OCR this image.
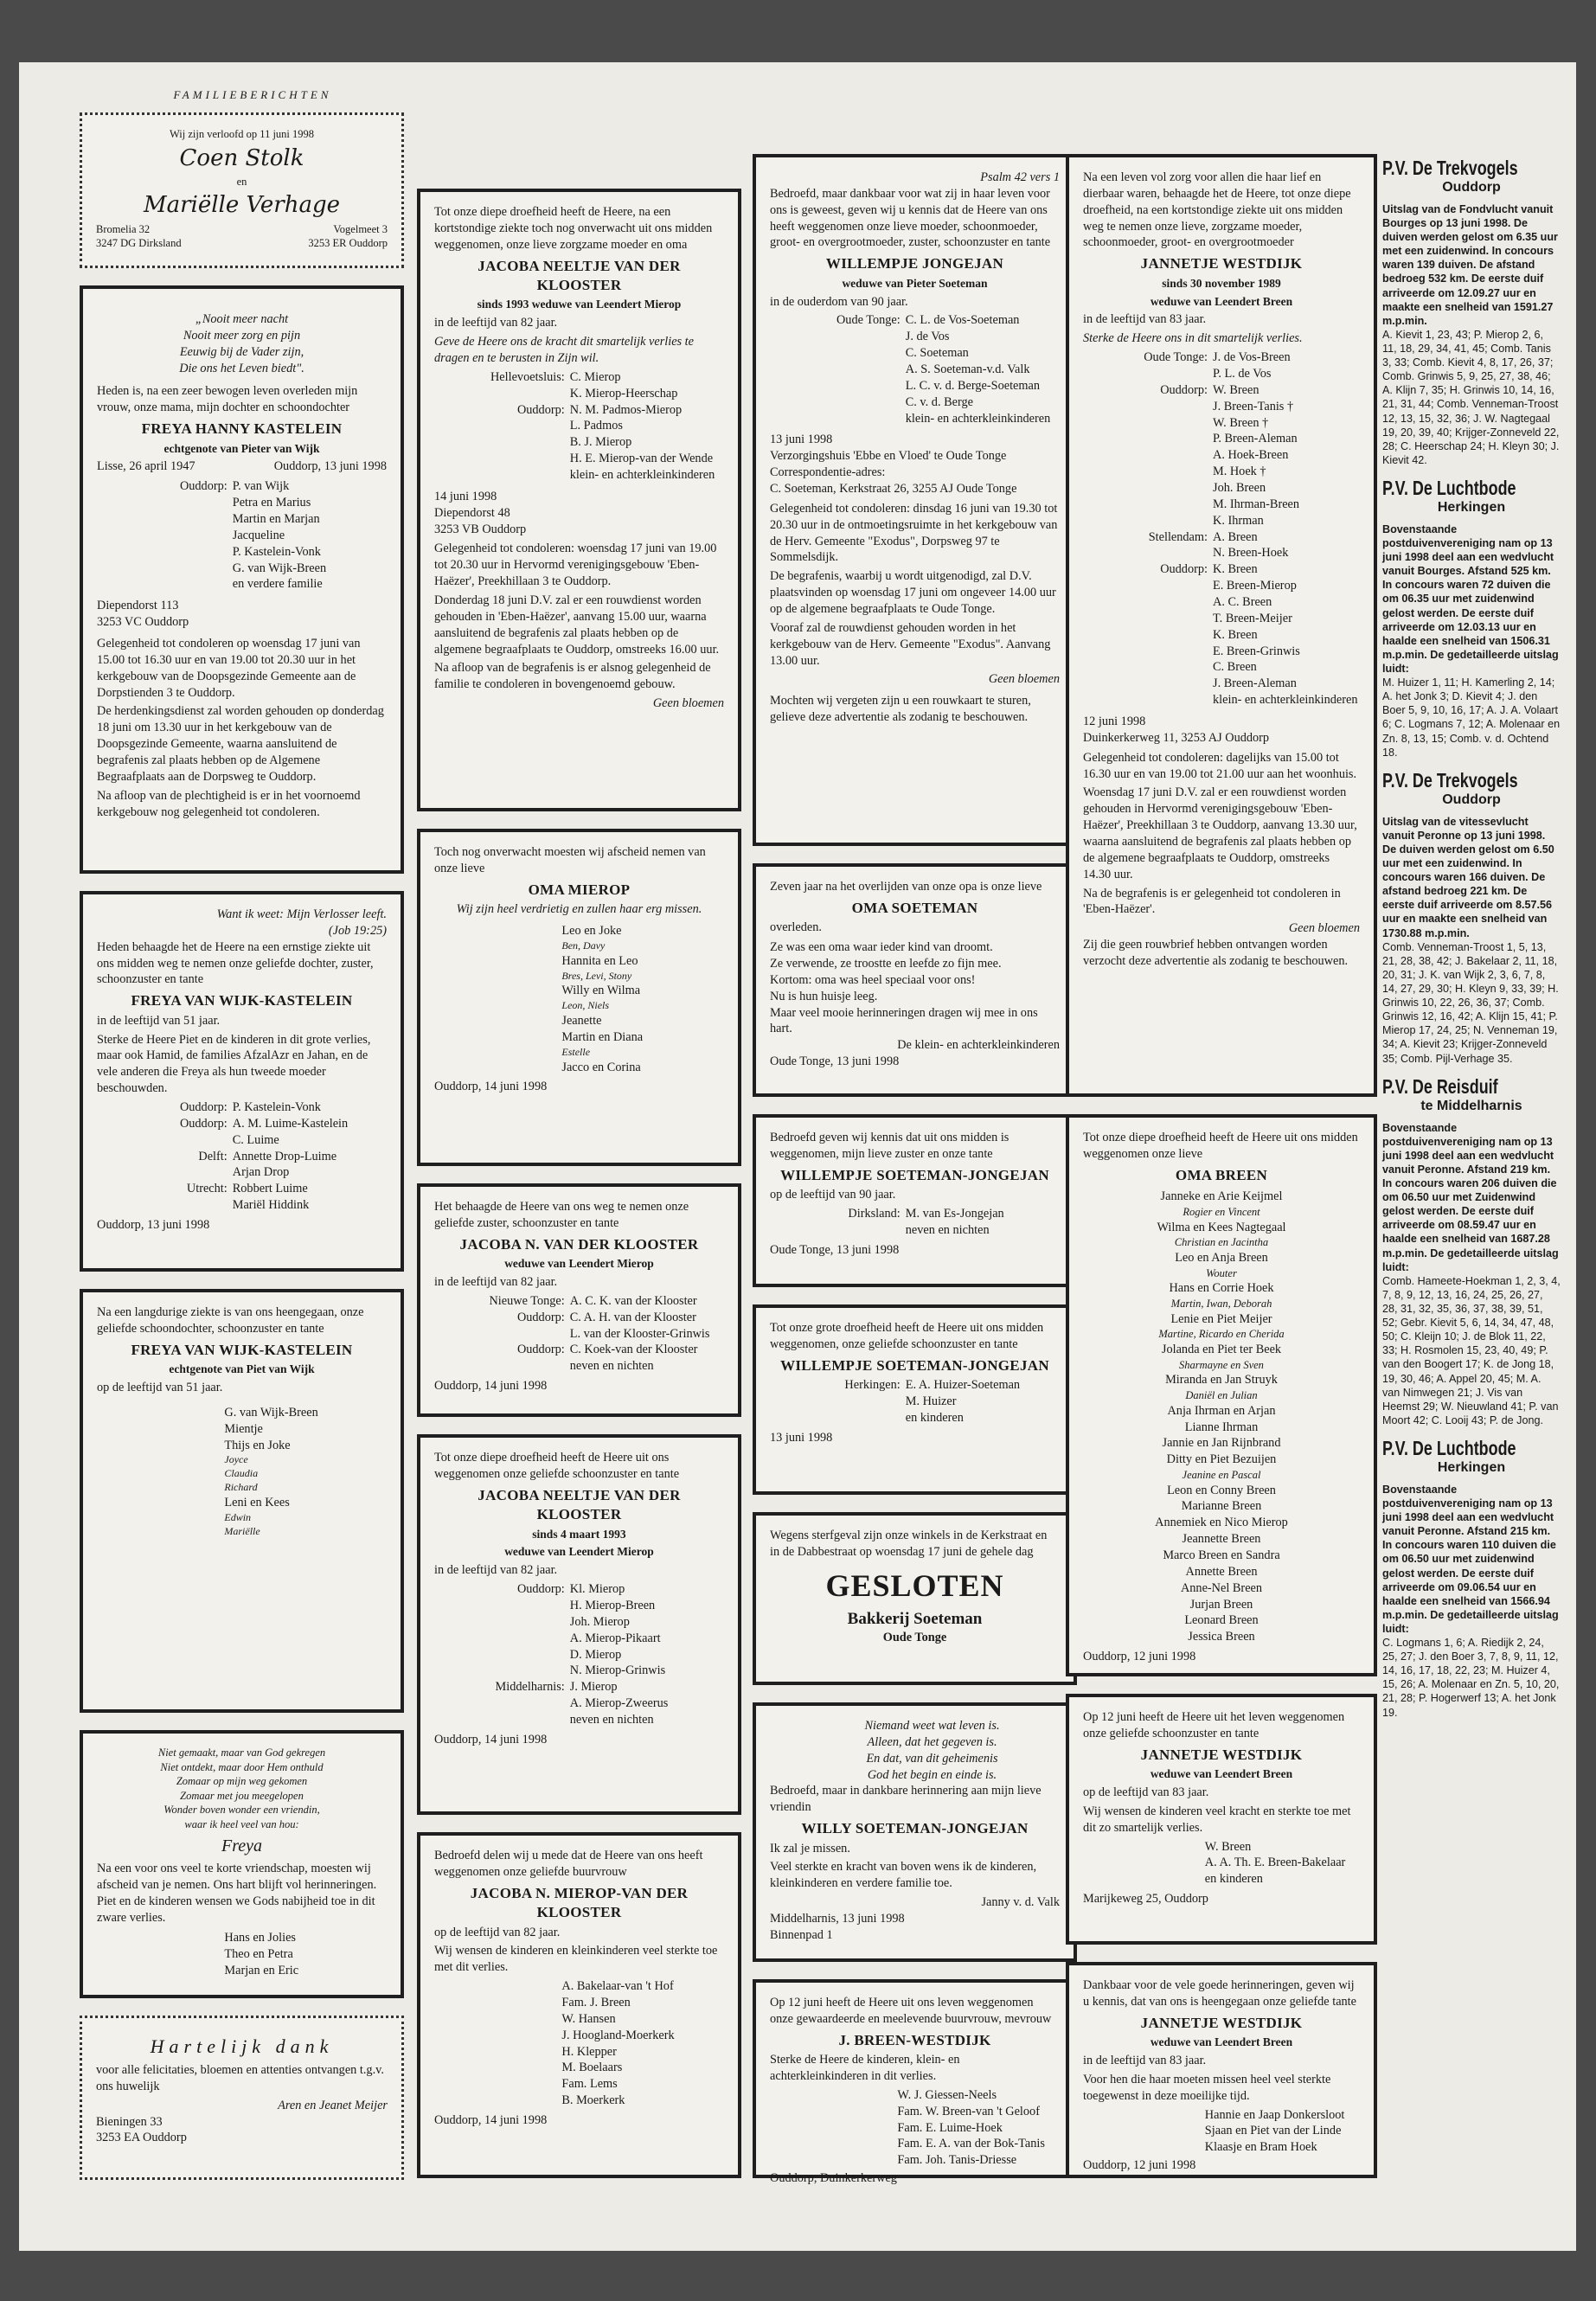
FAMILIEBERICHTEN
Wij zijn verloofd op 11 juni 1998
Coen Stolk
en
Mariëlle Verhage
Bromelia 32
3247 DG Dirksland
Vogelmeet 3
3253 ER Ouddorp
„Nooit meer nacht
Nooit meer zorg en pijn
Eeuwig bij de Vader zijn,
Die ons het Leven biedt".
Heden is, na een zeer bewogen leven overleden mijn vrouw, onze mama, mijn dochter en schoondochter
FREYA HANNY KASTELEIN
echtgenote van Pieter van Wijk
Lisse, 26 april 1947	Ouddorp, 13 juni 1998
Ouddorp: P. van Wijk
Petra en Marius
Martin en Marjan
Jacqueline
P. Kastelein-Vonk
G. van Wijk-Breen
en verdere familie
Diependorst 113
3253 VC Ouddorp
Gelegenheid tot condoleren op woensdag 17 juni van 15.00 tot 16.30 uur en van 19.00 tot 20.30 uur in het kerkgebouw van de Doopsgezinde Gemeente aan de Dorpstienden 3 te Ouddorp.
De herdenkingsdienst zal worden gehouden op donderdag 18 juni om 13.30 uur in het kerkgebouw van de Doopsgezinde Gemeente, waarna aansluitend de begrafenis zal plaats hebben op de Algemene Begraafplaats aan de Dorpsweg te Ouddorp.
Na afloop van de plechtigheid is er in het voornoemd kerkgebouw nog gelegenheid tot condoleren.
Want ik weet: Mijn Verlosser leeft.
(Job 19:25)
Heden behaagde het de Heere na een ernstige ziekte uit ons midden weg te nemen onze geliefde dochter, zuster, schoonzuster en tante
FREYA VAN WIJK-KASTELEIN
in de leeftijd van 51 jaar.
Sterke de Heere Piet en de kinderen in dit grote verlies, maar ook Hamid, de families AfzalAzr en Jahan, en de vele anderen die Freya als hun tweede moeder beschouwden.
Ouddorp: P. Kastelein-Vonk
Ouddorp: A. M. Luime-Kastelein
C. Luime
Delft: Annette Drop-Luime
Arjan Drop
Utrecht: Robbert Luime
Mariël Hiddink
Ouddorp, 13 juni 1998
Na een langdurige ziekte is van ons heengegaan, onze geliefde schoondochter, schoonzuster en tante
FREYA VAN WIJK-KASTELEIN
echtgenote van Piet van Wijk
op de leeftijd van 51 jaar.
G. van Wijk-Breen
Mientje
Thijs en Joke
Joyce
Claudia
Richard
Leni en Kees
Edwin
Mariëlle
Niet gemaakt, maar van God gekregen
Niet ontdekt, maar door Hem onthuld
Zomaar op mijn weg gekomen
Zomaar met jou meegelopen
Wonder boven wonder een vriendin,
waar ik heel veel van hou:
Freya
Na een voor ons veel te korte vriendschap, moesten wij afscheid van je nemen. Ons hart blijft vol herinneringen. Piet en de kinderen wensen we Gods nabijheid toe in dit zware verlies.
Hans en Jolies
Theo en Petra
Marjan en Eric
Hartelijk dank
voor alle felicitaties, bloemen en attenties ontvangen t.g.v. ons huwelijk
Aren en Jeanet Meijer
Bieningen 33
3253 EA Ouddorp
Tot onze diepe droefheid heeft de Heere, na een kortstondige ziekte toch nog onverwacht uit ons midden weggenomen, onze lieve zorgzame moeder en oma
JACOBA NEELTJE VAN DER KLOOSTER
sinds 1993 weduwe van Leendert Mierop
in de leeftijd van 82 jaar.
Geve de Heere ons de kracht dit smartelijk verlies te dragen en te berusten in Zijn wil.
Hellevoetsluis: C. Mierop
K. Mierop-Heerschap
Ouddorp: N. M. Padmos-Mierop
L. Padmos
B. J. Mierop
H. E. Mierop-van der Wende
klein- en achterkleinkinderen
14 juni 1998
Diependorst 48
3253 VB Ouddorp
Gelegenheid tot condoleren: woensdag 17 juni van 19.00 tot 20.30 uur in Hervormd verenigingsgebouw 'Eben-Haëzer', Preekhillaan 3 te Ouddorp.
Donderdag 18 juni D.V. zal er een rouwdienst worden gehouden in 'Eben-Haëzer', aanvang 15.00 uur, waarna aansluitend de begrafenis zal plaats hebben op de algemene begraafplaats te Ouddorp, omstreeks 16.00 uur.
Na afloop van de begrafenis is er alsnog gelegenheid de familie te condoleren in bovengenoemd gebouw.
Geen bloemen
Toch nog onverwacht moesten wij afscheid nemen van onze lieve
OMA MIEROP
Wij zijn heel verdrietig en zullen haar erg missen.
Leo en Joke
Ben, Davy
Hannita en Leo
Bres, Levi, Stony
Willy en Wilma
Leon, Niels
Jeanette
Martin en Diana
Estelle
Jacco en Corina
Ouddorp, 14 juni 1998
Het behaagde de Heere van ons weg te nemen onze geliefde zuster, schoonzuster en tante
JACOBA N. VAN DER KLOOSTER
weduwe van Leendert Mierop
in de leeftijd van 82 jaar.
Nieuwe Tonge: A. C. K. van der Klooster
Ouddorp: C. A. H. van der Klooster
L. van der Klooster-Grinwis
Ouddorp: C. Koek-van der Klooster
neven en nichten
Ouddorp, 14 juni 1998
Tot onze diepe droefheid heeft de Heere uit ons weggenomen onze geliefde schoonzuster en tante
JACOBA NEELTJE VAN DER KLOOSTER
sinds 4 maart 1993
weduwe van Leendert Mierop
in de leeftijd van 82 jaar.
Ouddorp: Kl. Mierop
H. Mierop-Breen
Joh. Mierop
A. Mierop-Pikaart
D. Mierop
N. Mierop-Grinwis
Middelharnis: J. Mierop
A. Mierop-Zweerus
neven en nichten
Ouddorp, 14 juni 1998
Bedroefd delen wij u mede dat de Heere van ons heeft weggenomen onze geliefde buurvrouw
JACOBA N. MIEROP-VAN DER KLOOSTER
op de leeftijd van 82 jaar.
Wij wensen de kinderen en kleinkinderen veel sterkte toe met dit verlies.
A. Bakelaar-van 't Hof
Fam. J. Breen
W. Hansen
J. Hoogland-Moerkerk
H. Klepper
M. Boelaars
Fam. Lems
B. Moerkerk
Ouddorp, 14 juni 1998
Psalm 42 vers 1
Bedroefd, maar dankbaar voor wat zij in haar leven voor ons is geweest, geven wij u kennis dat de Heere van ons heeft weggenomen onze lieve moeder, schoonmoeder, groot- en overgrootmoeder, zuster, schoonzuster en tante
WILLEMPJE JONGEJAN
weduwe van Pieter Soeteman
in de ouderdom van 90 jaar.
Oude Tonge: C. L. de Vos-Soeteman
J. de Vos
C. Soeteman
A. S. Soeteman-v.d. Valk
L. C. v. d. Berge-Soeteman
C. v. d. Berge
klein- en achterkleinkinderen
13 juni 1998
Verzorgingshuis 'Ebbe en Vloed' te Oude Tonge
Correspondentie-adres:
C. Soeteman, Kerkstraat 26, 3255 AJ Oude Tonge
Gelegenheid tot condoleren: dinsdag 16 juni van 19.30 tot 20.30 uur in de ontmoetingsruimte in het kerkgebouw van de Herv. Gemeente "Exodus", Dorpsweg 97 te Sommelsdijk.
De begrafenis, waarbij u wordt uitgenodigd, zal D.V. plaatsvinden op woensdag 17 juni om ongeveer 14.00 uur op de algemene begraafplaats te Oude Tonge.
Vooraf zal de rouwdienst gehouden worden in het kerkgebouw van de Herv. Gemeente "Exodus". Aanvang 13.00 uur.
Geen bloemen
Mochten wij vergeten zijn u een rouwkaart te sturen, gelieve deze advertentie als zodanig te beschouwen.
Zeven jaar na het overlijden van onze opa is onze lieve
OMA SOETEMAN
overleden.
Ze was een oma waar ieder kind van droomt.
Ze verwende, ze troostte en leefde zo fijn mee.
Kortom: oma was heel speciaal voor ons!
Nu is hun huisje leeg.
Maar veel mooie herinneringen dragen wij mee in ons hart.
De klein- en achterkleinkinderen
Oude Tonge, 13 juni 1998
Bedroefd geven wij kennis dat uit ons midden is weggenomen, mijn lieve zuster en onze tante
WILLEMPJE SOETEMAN-JONGEJAN
op de leeftijd van 90 jaar.
Dirksland: M. van Es-Jongejan
neven en nichten
Oude Tonge, 13 juni 1998
Tot onze grote droefheid heeft de Heere uit ons midden weggenomen, onze geliefde schoonzuster en tante
WILLEMPJE SOETEMAN-JONGEJAN
Herkingen: E. A. Huizer-Soeteman
M. Huizer
en kinderen
13 juni 1998
Wegens sterfgeval zijn onze winkels in de Kerkstraat en in de Dabbestraat op woensdag 17 juni de gehele dag
GESLOTEN
Bakkerij Soeteman
Oude Tonge
Niemand weet wat leven is.
Alleen, dat het gegeven is.
En dat, van dit geheimenis
God het begin en einde is.
Bedroefd, maar in dankbare herinnering aan mijn lieve vriendin
WILLY SOETEMAN-JONGEJAN
Ik zal je missen.
Veel sterkte en kracht van boven wens ik de kinderen, kleinkinderen en verdere familie toe.
Janny v. d. Valk
Middelharnis, 13 juni 1998
Binnenpad 1
Op 12 juni heeft de Heere uit ons leven weggenomen onze gewaardeerde en meelevende buurvrouw, mevrouw
J. BREEN-WESTDIJK
Sterke de Heere de kinderen, klein- en achterkleinkinderen in dit verlies.
W. J. Giessen-Neels
Fam. W. Breen-van 't Geloof
Fam. E. Luime-Hoek
Fam. E. A. van der Bok-Tanis
Fam. Joh. Tanis-Driesse
Ouddorp, Duinkerkerweg
Na een leven vol zorg voor allen die haar lief en dierbaar waren, behaagde het de Heere, tot onze diepe droefheid, na een kortstondige ziekte uit ons midden weg te nemen onze lieve, zorgzame moeder, schoonmoeder, groot- en overgrootmoeder
JANNETJE WESTDIJK
sinds 30 november 1989
weduwe van Leendert Breen
in de leeftijd van 83 jaar.
Sterke de Heere ons in dit smartelijk verlies.
Oude Tonge: J. de Vos-Breen
P. L. de Vos
Ouddorp: W. Breen
J. Breen-Tanis †
W. Breen †
P. Breen-Aleman
A. Hoek-Breen
M. Hoek †
Joh. Breen
M. Ihrman-Breen
K. Ihrman
Stellendam: A. Breen
N. Breen-Hoek
Ouddorp: K. Breen
E. Breen-Mierop
A. C. Breen
T. Breen-Meijer
K. Breen
E. Breen-Grinwis
C. Breen
J. Breen-Aleman
klein- en achterkleinkinderen
12 juni 1998
Duinkerkerweg 11, 3253 AJ Ouddorp
Gelegenheid tot condoleren: dagelijks van 15.00 tot 16.30 uur en van 19.00 tot 21.00 uur aan het woonhuis.
Woensdag 17 juni D.V. zal er een rouwdienst worden gehouden in Hervormd verenigingsgebouw 'Eben-Haëzer', Preekhillaan 3 te Ouddorp, aanvang 13.30 uur, waarna aansluitend de begrafenis zal plaats hebben op de algemene begraafplaats te Ouddorp, omstreeks 14.30 uur.
Na de begrafenis is er gelegenheid tot condoleren in 'Eben-Haëzer'.
Geen bloemen
Zij die geen rouwbrief hebben ontvangen worden verzocht deze advertentie als zodanig te beschouwen.
Tot onze diepe droefheid heeft de Heere uit ons midden weggenomen onze lieve
OMA BREEN
Janneke en Arie Keijmel
Rogier en Vincent
Wilma en Kees Nagtegaal
Christian en Jacintha
Leo en Anja Breen
Wouter
Hans en Corrie Hoek
Martin, Iwan, Deborah
Lenie en Piet Meijer
Martine, Ricardo en Cherida
Jolanda en Piet ter Beek
Sharmayne en Sven
Miranda en Jan Struyk
Daniël en Julian
Anja Ihrman en Arjan
Lianne Ihrman
Jannie en Jan Rijnbrand
Ditty en Piet Bezuijen
Jeanine en Pascal
Leon en Conny Breen
Marianne Breen
Annemiek en Nico Mierop
Jeannette Breen
Marco Breen en Sandra
Annette Breen
Anne-Nel Breen
Jurjan Breen
Leonard Breen
Jessica Breen
Ouddorp, 12 juni 1998
Op 12 juni heeft de Heere uit het leven weggenomen onze geliefde schoonzuster en tante
JANNETJE WESTDIJK
weduwe van Leendert Breen
op de leeftijd van 83 jaar.
Wij wensen de kinderen veel kracht en sterkte toe met dit zo smartelijk verlies.
W. Breen
A. A. Th. E. Breen-Bakelaar
en kinderen
Marijkeweg 25, Ouddorp
Dankbaar voor de vele goede herinneringen, geven wij u kennis, dat van ons is heengegaan onze geliefde tante
JANNETJE WESTDIJK
weduwe van Leendert Breen
in de leeftijd van 83 jaar.
Voor hen die haar moeten missen heel veel sterkte toegewenst in deze moeilijke tijd.
Hannie en Jaap Donkersloot
Sjaan en Piet van der Linde
Klaasje en Bram Hoek
Ouddorp, 12 juni 1998
P.V. De Trekvogels
Ouddorp
Uitslag van de Fondvlucht vanuit Bourges op 13 juni 1998. De duiven werden gelost om 6.35 uur met een zuidenwind. In concours waren 139 duiven. De afstand bedroeg 532 km. De eerste duif arriveerde om 12.09.27 uur en maakte een snelheid van 1591.27 m.p.min.
A. Kievit 1, 23, 43; P. Mierop 2, 6, 11, 18, 29, 34, 41, 45; Comb. Tanis 3, 33; Comb. Kievit 4, 8, 17, 26, 37; Comb. Grinwis 5, 9, 25, 27, 38, 46; A. Klijn 7, 35; H. Grinwis 10, 14, 16, 21, 31, 44; Comb. Venneman-Troost 12, 13, 15, 32, 36; J. W. Nagtegaal 19, 20, 39, 40; Krijger-Zonneveld 22, 28; C. Heerschap 24; H. Kleyn 30; J. Kievit 42.
P.V. De Luchtbode
Herkingen
Bovenstaande postduivenvereniging nam op 13 juni 1998 deel aan een wedvlucht vanuit Bourges. Afstand 525 km. In concours waren 72 duiven die om 06.35 uur met zuidenwind gelost werden. De eerste duif arriveerde om 12.03.13 uur en haalde een snelheid van 1506.31 m.p.min. De gedetailleerde uitslag luidt:
M. Huizer 1, 11; H. Kamerling 2, 14; A. het Jonk 3; D. Kievit 4; J. den Boer 5, 9, 10, 16, 17; A. J. A. Volaart 6; C. Logmans 7, 12; A. Molenaar en Zn. 8, 13, 15; Comb. v. d. Ochtend 18.
P.V. De Trekvogels
Ouddorp
Uitslag van de vitessevlucht vanuit Peronne op 13 juni 1998. De duiven werden gelost om 6.50 uur met een zuidenwind. In concours waren 166 duiven. De afstand bedroeg 221 km. De eerste duif arriveerde om 8.57.56 uur en maakte een snelheid van 1730.88 m.p.min.
Comb. Venneman-Troost 1, 5, 13, 21, 28, 38, 42; J. Bakelaar 2, 11, 18, 20, 31; J. K. van Wijk 2, 3, 6, 7, 8, 14, 27, 29, 30; H. Kleyn 9, 33, 39; H. Grinwis 10, 22, 26, 36, 37; Comb. Grinwis 12, 16, 42; A. Klijn 15, 41; P. Mierop 17, 24, 25; N. Venneman 19, 34; A. Kievit 23; Krijger-Zonneveld 35; Comb. Pijl-Verhage 35.
P.V. De Reisduif
te Middelharnis
Bovenstaande postduivenvereniging nam op 13 juni 1998 deel aan een wedvlucht vanuit Peronne. Afstand 219 km. In concours waren 206 duiven die om 06.50 uur met Zuidenwind gelost werden. De eerste duif arriveerde om 08.59.47 uur en haalde een snelheid van 1687.28 m.p.min. De gedetailleerde uitslag luidt:
Comb. Hameete-Hoekman 1, 2, 3, 4, 7, 8, 9, 12, 13, 16, 24, 25, 26, 27, 28, 31, 32, 35, 36, 37, 38, 39, 51, 52; Gebr. Kievit 5, 6, 14, 34, 47, 48, 50; C. Kleijn 10; J. de Blok 11, 22, 33; H. Rosmolen 15, 23, 40, 49; P. van den Boogert 17; K. de Jong 18, 19, 30, 46; A. Appel 20, 45; M. A. van Nimwegen 21; J. Vis van Heemst 29; W. Nieuwland 41; P. van Moort 42; C. Looij 43; P. de Jong.
P.V. De Luchtbode
Herkingen
Bovenstaande postduivenvereniging nam op 13 juni 1998 deel aan een wedvlucht vanuit Peronne. Afstand 215 km. In concours waren 110 duiven die om 06.50 uur met zuidenwind gelost werden. De eerste duif arriveerde om 09.06.54 uur en haalde een snelheid van 1566.94 m.p.min. De gedetailleerde uitslag luidt:
C. Logmans 1, 6; A. Riedijk 2, 24, 25, 27; J. den Boer 3, 7, 8, 9, 11, 12, 14, 16, 17, 18, 22, 23; M. Huizer 4, 15, 26; A. Molenaar en Zn. 5, 10, 20, 21, 28; P. Hogerwerf 13; A. het Jonk 19.
